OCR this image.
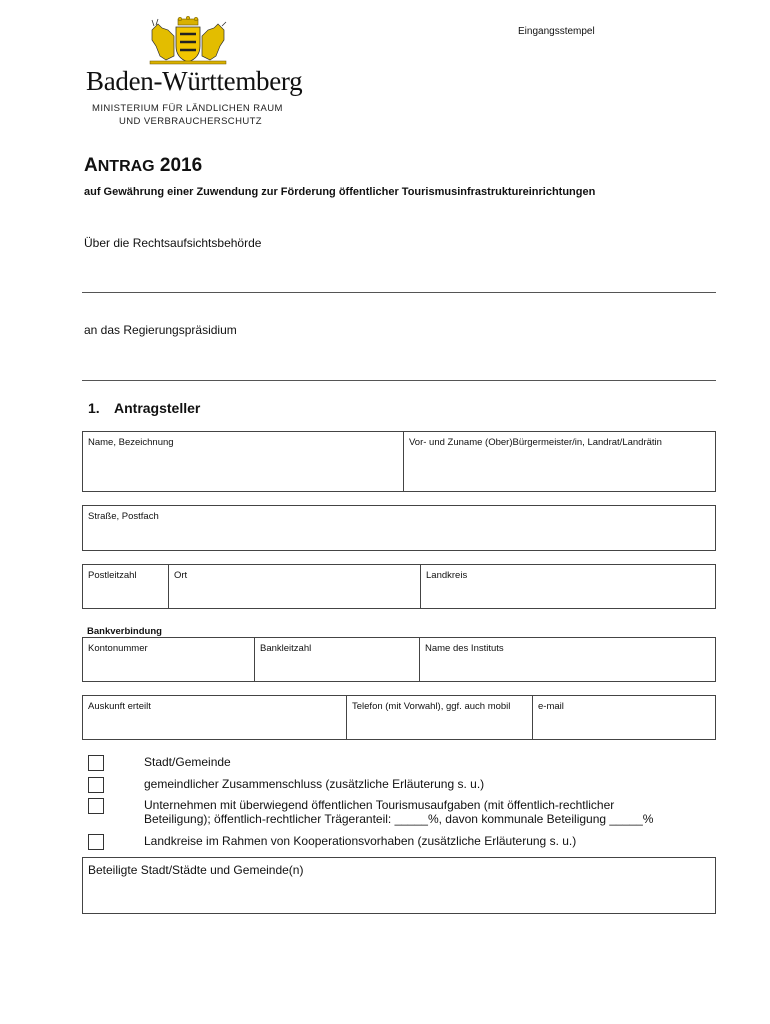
Eingangsstempel
Baden-Württemberg
MINISTERIUM FÜR LÄNDLICHEN RAUM
UND VERBRAUCHERSCHUTZ
ANTRAG 2016
auf Gewährung einer Zuwendung zur Förderung öffentlicher Tourismusinfrastruktureinrichtungen
Über die Rechtsaufsichtsbehörde
an das Regierungspräsidium
1. Antragsteller
Name, Bezeichnung	Vor- und Zuname (Ober)Bürgermeister/in, Landrat/Landrätin
Straße, Postfach
Postleitzahl	Ort	Landkreis
Bankverbindung
Kontonummer	Bankleitzahl	Name des Instituts
Auskunft erteilt	Telefon (mit Vorwahl), ggf. auch mobil	e-mail
Stadt/Gemeinde
gemeindlicher Zusammenschluss (zusätzliche Erläuterung s. u.)
Unternehmen mit überwiegend öffentlichen Tourismusaufgaben (mit öffentlich-rechtlicher
Beteiligung); öffentlich-rechtlicher Trägeranteil: _____%, davon kommunale Beteiligung _____%
Landkreise im Rahmen von Kooperationsvorhaben (zusätzliche Erläuterung s. u.)
Beteiligte Stadt/Städte und Gemeinde(n)
